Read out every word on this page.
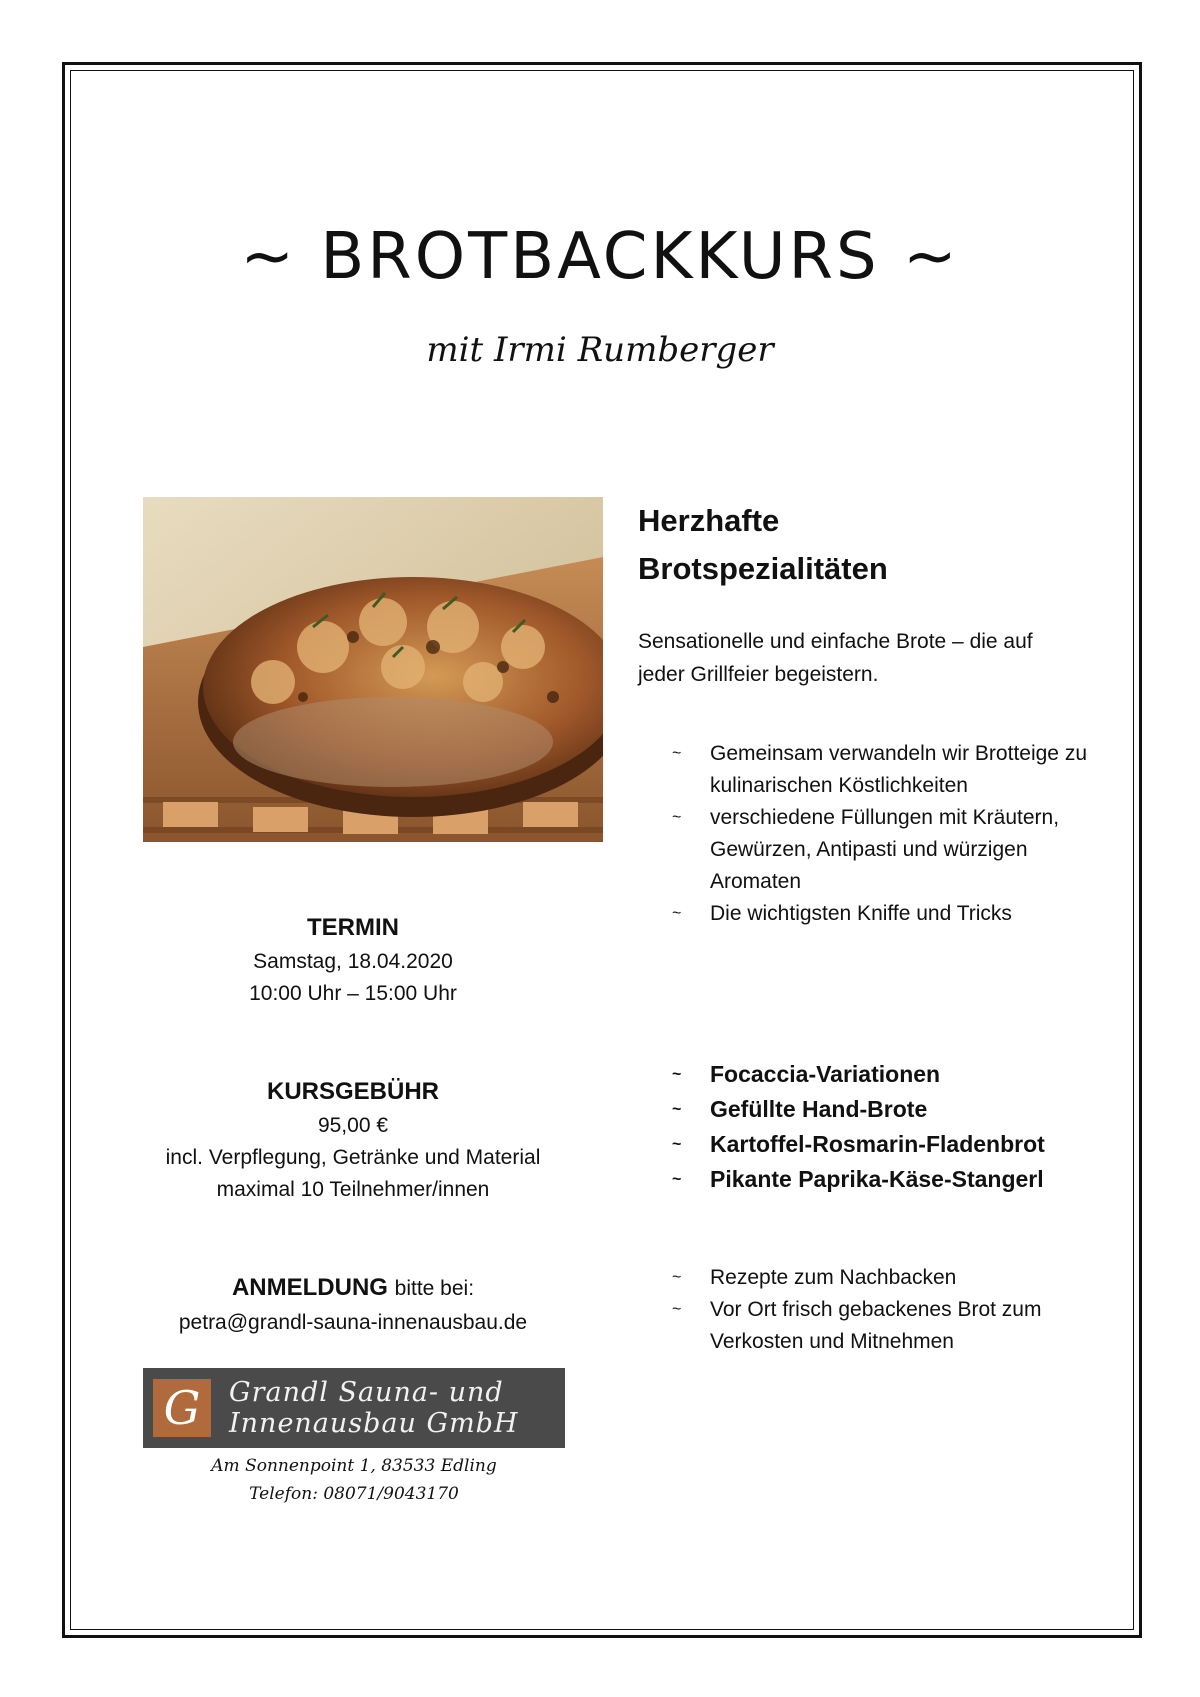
~ BROTBACKKURS ~
mit Irmi Rumberger
Herzhafte
Brotspezialitäten
Sensationelle und einfache Brote – die auf jeder Grillfeier begeistern.
~ Gemeinsam verwandeln wir Brotteige zu kulinarischen Köstlichkeiten
~ verschiedene Füllungen mit Kräutern, Gewürzen, Antipasti und würzigen Aromaten
~ Die wichtigsten Kniffe und Tricks
~ Focaccia-Variationen
~ Gefüllte Hand-Brote
~ Kartoffel-Rosmarin-Fladenbrot
~ Pikante Paprika-Käse-Stangerl
~ Rezepte zum Nachbacken
~ Vor Ort frisch gebackenes Brot zum Verkosten und Mitnehmen
TERMIN
Samstag, 18.04.2020
10:00 Uhr – 15:00 Uhr
KURSGEBÜHR
95,00 €
incl. Verpflegung, Getränke und Material
maximal 10 Teilnehmer/innen
ANMELDUNG bitte bei:
petra@grandl-sauna-innenausbau.de
G	Grandl Sauna- und
Innenausbau GmbH
Am Sonnenpoint 1, 83533 Edling
Telefon: 08071/9043170
